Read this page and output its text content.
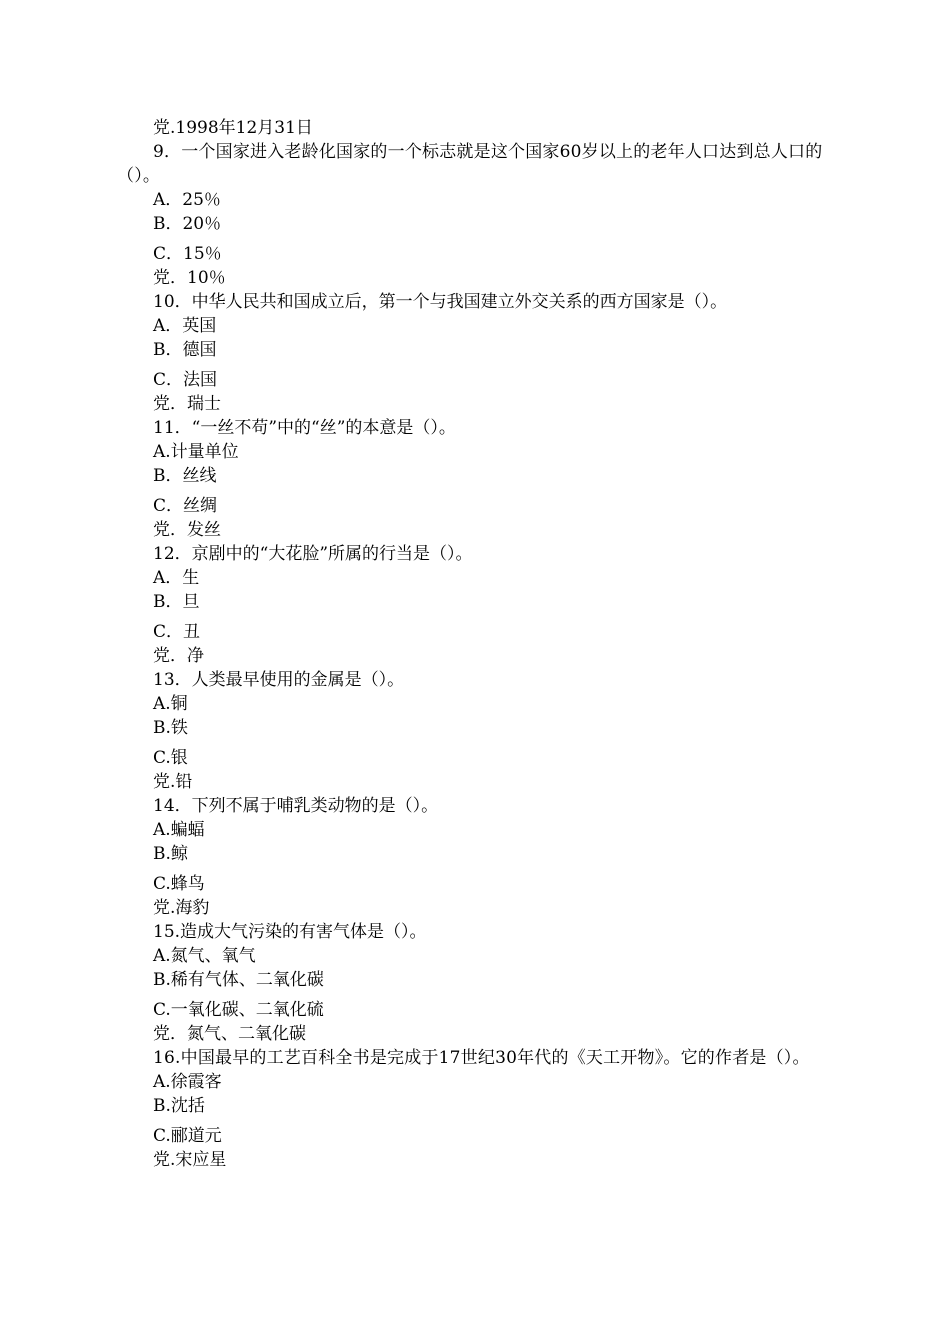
党.1998年12月31日
9．一个国家进入老龄化国家的一个标志就是这个国家60岁以上的老年人口达到总人口的（）。
A．25％
B．20％
C．15％
党．10％
10．中华人民共和国成立后，第一个与我国建立外交关系的西方国家是（）。
A．英国
B．德国
C．法国
党．瑞士
11．“一丝不苟”中的“丝”的本意是（）。
A.计量单位
B．丝线
C．丝绸
党．发丝
12．京剧中的“大花脸”所属的行当是（）。
A．生
B．旦
C．丑
党．净
13．人类最早使用的金属是（）。
A.铜
B.铁
C.银
党.铅
14．下列不属于哺乳类动物的是（）。
A.蝙蝠
B.鲸
C.蜂鸟
党.海豹
15.造成大气污染的有害气体是（）。
A.氮气、氧气
B.稀有气体、二氧化碳
C.一氧化碳、二氧化硫
党．氮气、二氧化碳
16.中国最早的工艺百科全书是完成于17世纪30年代的《天工开物》。它的作者是（）。
A.徐霞客
B.沈括
C.郦道元
党.宋应星
